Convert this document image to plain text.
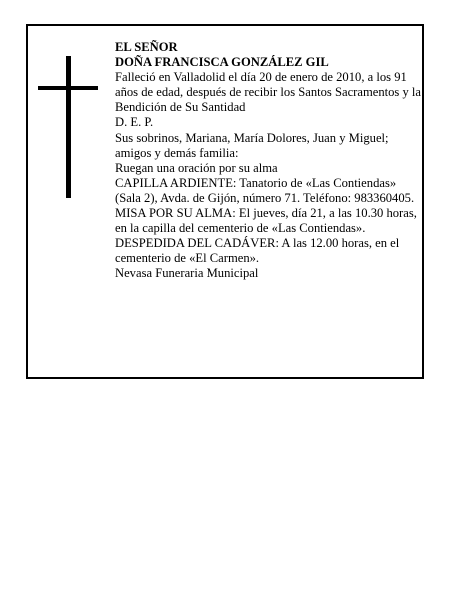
EL SEÑOR

DOÑA FRANCISCA GONZÁLEZ GIL

Falleció en Valladolid el día 20 de enero de 2010, a los 91 años de edad, después de recibir los Santos Sacramentos y la Bendición de Su Santidad

D. E. P.

Sus sobrinos, Mariana, María Dolores, Juan y Miguel; amigos y demás familia:

Ruegan una oración por su alma

CAPILLA ARDIENTE: Tanatorio de «Las Contiendas» (Sala 2), Avda. de Gijón, número 71. Teléfono: 983360405.

MISA POR SU ALMA: El jueves, día 21, a las 10.30 horas, en la capilla del cementerio de «Las Contiendas».

DESPEDIDA DEL CADÁVER: A las 12.00 horas, en el cementerio de «El Carmen».

Nevasa Funeraria Municipal
